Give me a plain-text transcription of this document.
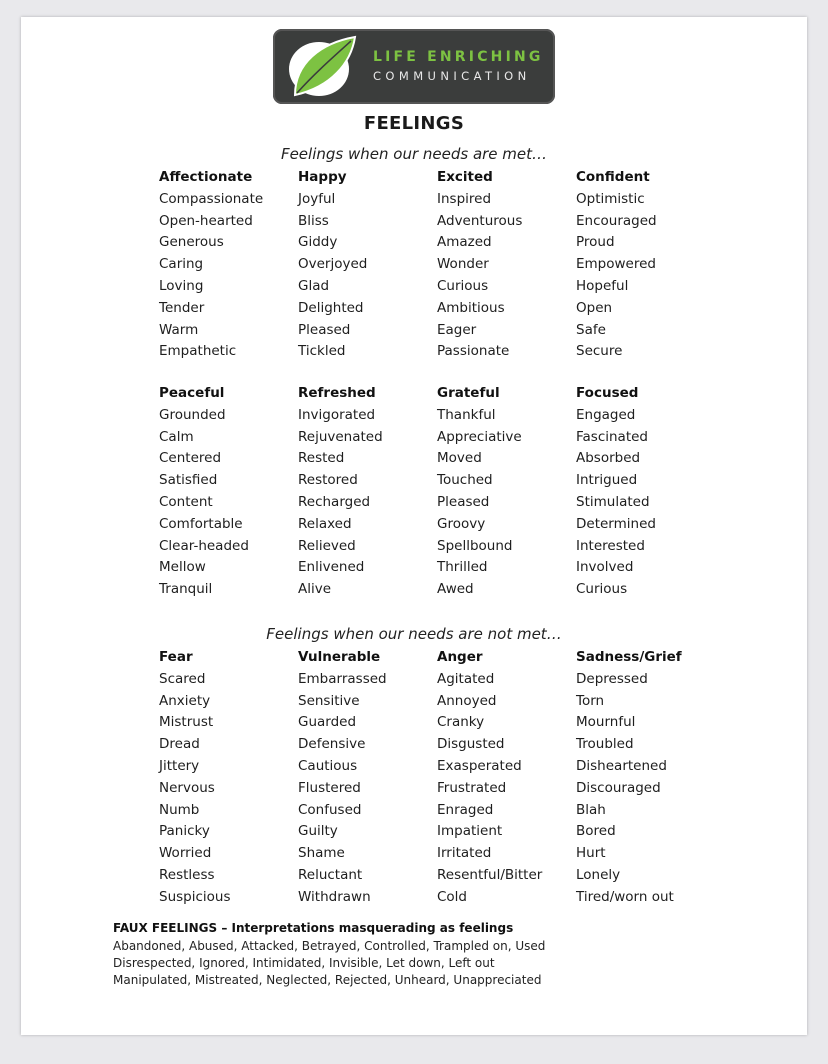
LIFE ENRICHING
COMMUNICATION
FEELINGS
Feelings when our needs are met…
Affectionate
Compassionate
Open-hearted
Generous
Caring
Loving
Tender
Warm
Empathetic
Happy
Joyful
Bliss
Giddy
Overjoyed
Glad
Delighted
Pleased
Tickled
Excited
Inspired
Adventurous
Amazed
Wonder
Curious
Ambitious
Eager
Passionate
Confident
Optimistic
Encouraged
Proud
Empowered
Hopeful
Open
Safe
Secure
Peaceful
Grounded
Calm
Centered
Satisfied
Content
Comfortable
Clear-headed
Mellow
Tranquil
Refreshed
Invigorated
Rejuvenated
Rested
Restored
Recharged
Relaxed
Relieved
Enlivened
Alive
Grateful
Thankful
Appreciative
Moved
Touched
Pleased
Groovy
Spellbound
Thrilled
Awed
Focused
Engaged
Fascinated
Absorbed
Intrigued
Stimulated
Determined
Interested
Involved
Curious
Feelings when our needs are not met…
Fear
Scared
Anxiety
Mistrust
Dread
Jittery
Nervous
Numb
Panicky
Worried
Restless
Suspicious
Vulnerable
Embarrassed
Sensitive
Guarded
Defensive
Cautious
Flustered
Confused
Guilty
Shame
Reluctant
Withdrawn
Anger
Agitated
Annoyed
Cranky
Disgusted
Exasperated
Frustrated
Enraged
Impatient
Irritated
Resentful/Bitter
Cold
Sadness/Grief
Depressed
Torn
Mournful
Troubled
Disheartened
Discouraged
Blah
Bored
Hurt
Lonely
Tired/worn out
FAUX FEELINGS – Interpretations masquerading as feelings
Abandoned, Abused, Attacked, Betrayed, Controlled, Trampled on, Used
Disrespected, Ignored, Intimidated, Invisible, Let down, Left out
Manipulated, Mistreated, Neglected, Rejected, Unheard, Unappreciated
